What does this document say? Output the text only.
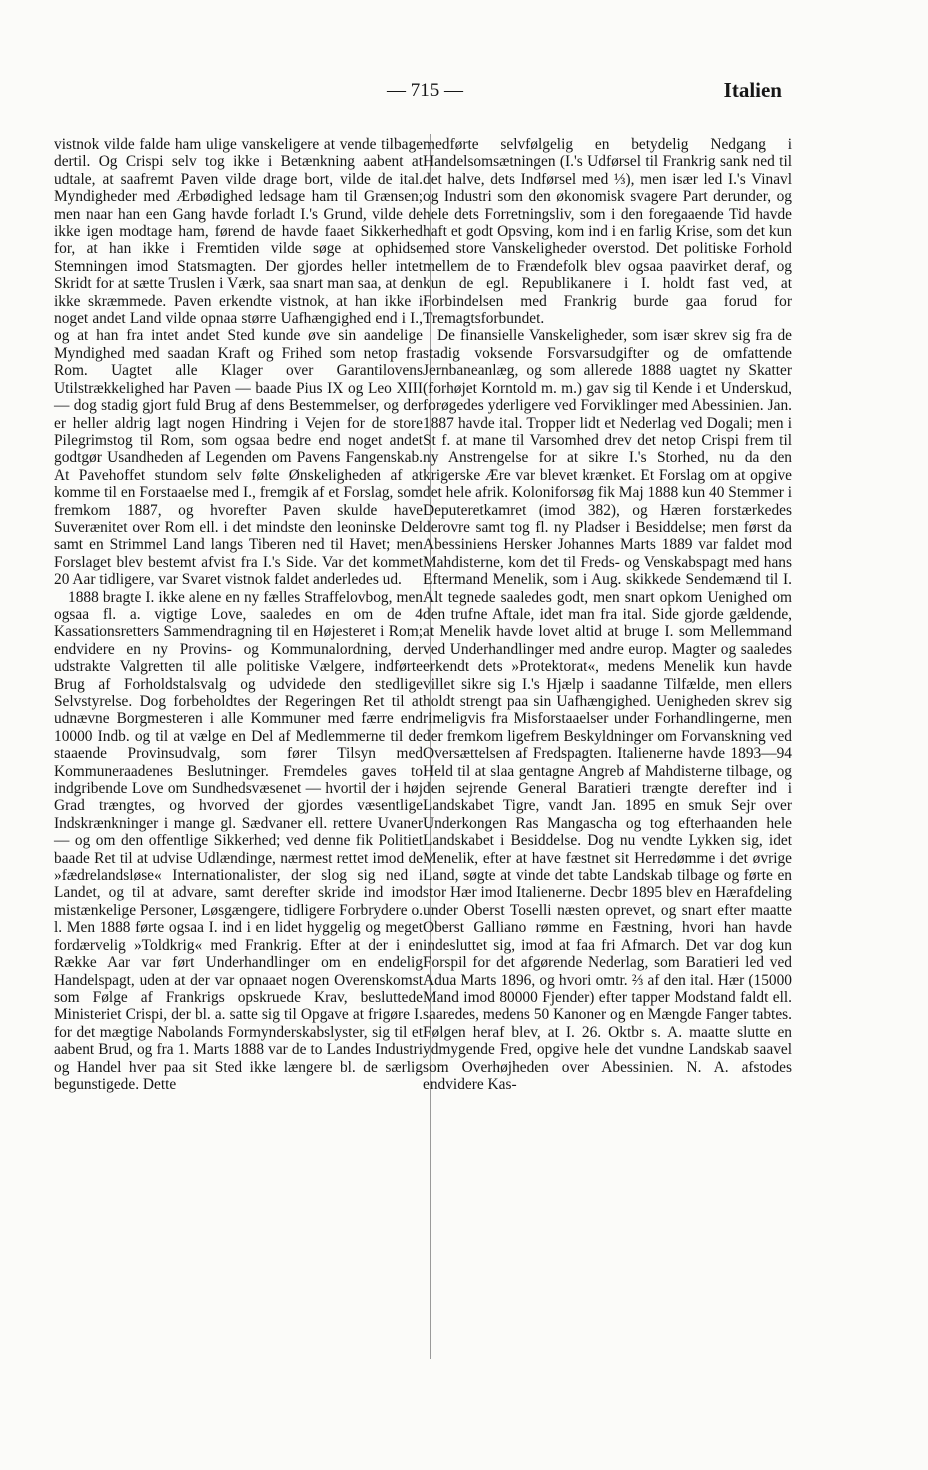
— 715 —	Italien

vistnok vilde falde ham ulige vanskeligere at vende tilbage dertil. Og Crispi selv tog ikke i Betænkning aabent at udtale, at saafremt Paven vilde drage bort, vilde de ital. Myndigheder med Ærbødighed ledsage ham til Grænsen; men naar han een Gang havde forladt I.'s Grund, vilde de ikke igen modtage ham, førend de havde faaet Sikkerhed for, at han ikke i Fremtiden vilde søge at ophidse Stemningen imod Statsmagten. Der gjordes heller intet Skridt for at sætte Truslen i Værk, saa snart man saa, at den ikke skræmmede. Paven erkendte vistnok, at han ikke i noget andet Land vilde opnaa større Uafhængighed end i I., og at han fra intet andet Sted kunde øve sin aandelige Myndighed med saadan Kraft og Frihed som netop fra Rom. Uagtet alle Klager over Garantilovens Utilstrækkelighed har Paven — baade Pius IX og Leo XIII — dog stadig gjort fuld Brug af dens Bestemmelser, og der er heller aldrig lagt nogen Hindring i Vejen for de store Pilegrimstog til Rom, som ogsaa bedre end noget andet godtgør Usandheden af Legenden om Pavens Fangenskab. At Pavehoffet stundom selv følte Ønskeligheden af at komme til en Forstaaelse med I., fremgik af et Forslag, som fremkom 1887, og hvorefter Paven skulde have Suverænitet over Rom ell. i det mindste den leoninske Del samt en Strimmel Land langs Tiberen ned til Havet; men Forslaget blev bestemt afvist fra I.'s Side. Var det kommet 20 Aar tidligere, var Svaret vistnok faldet anderledes ud.

1888 bragte I. ikke alene en ny fælles Straffelovbog, men ogsaa fl. a. vigtige Love, saaledes en om de 4 Kassationsretters Sammendragning til en Højesteret i Rom; endvidere en ny Provins- og Kommunalordning, der udstrakte Valgretten til alle politiske Vælgere, indførte Brug af Forholdstalsvalg og udvidede den stedlige Selvstyrelse. Dog forbeholdtes der Regeringen Ret til at udnævne Borgmesteren i alle Kommuner med færre end 10000 Indb. og til at vælge en Del af Medlemmerne til de staaende Provinsudvalg, som fører Tilsyn med Kommuneraadenes Beslutninger. Fremdeles gaves to indgribende Love om Sundhedsvæsenet — hvortil der i høj Grad trængtes, og hvorved der gjordes væsentlige Indskrænkninger i mange gl. Sædvaner ell. rettere Uvaner — og om den offentlige Sikkerhed; ved denne fik Politiet baade Ret til at udvise Udlændinge, nærmest rettet imod de »fædrelandsløse« Internationalister, der slog sig ned i Landet, og til at advare, samt derefter skride ind imod mistænkelige Personer, Løsgængere, tidligere Forbrydere o. l. Men 1888 førte ogsaa I. ind i en lidet hyggelig og meget fordærvelig »Toldkrig« med Frankrig. Efter at der i en Række Aar var ført Underhandlinger om en endelig Handelspagt, uden at der var opnaaet nogen Overenskomst som Følge af Frankrigs opskruede Krav, besluttede Ministeriet Crispi, der bl. a. satte sig til Opgave at frigøre I. for det mægtige Nabolands Formynderskabslyster, sig til et aabent Brud, og fra 1. Marts 1888 var de to Landes Industri og Handel hver paa sit Sted ikke længere bl. de særlig begunstigede. Dette

medførte selvfølgelig en betydelig Nedgang i Handelsomsætningen (I.'s Udførsel til Frankrig sank ned til det halve, dets Indførsel med ⅓), men især led I.'s Vinavl og Industri som den økonomisk svagere Part derunder, og hele dets Forretningsliv, som i den foregaaende Tid havde haft et godt Opsving, kom ind i en farlig Krise, som det kun med store Vanskeligheder overstod. Det politiske Forhold mellem de to Frændefolk blev ogsaa paavirket deraf, og kun de egl. Republikanere i I. holdt fast ved, at Forbindelsen med Frankrig burde gaa forud for Tremagtsforbundet.

De finansielle Vanskeligheder, som især skrev sig fra de stadig voksende Forsvarsudgifter og de omfattende Jernbaneanlæg, og som allerede 1888 uagtet ny Skatter (forhøjet Korntold m. m.) gav sig til Kende i et Underskud, forøgedes yderligere ved Forviklinger med Abessinien. Jan. 1887 havde ital. Tropper lidt et Nederlag ved Dogali; men i St f. at mane til Varsomhed drev det netop Crispi frem til ny Anstrengelse for at sikre I.'s Storhed, nu da den krigerske Ære var blevet krænket. Et Forslag om at opgive det hele afrik. Koloniforsøg fik Maj 1888 kun 40 Stemmer i Deputeretkamret (imod 382), og Hæren forstærkedes derovre samt tog fl. ny Pladser i Besiddelse; men først da Abessiniens Hersker Johannes Marts 1889 var faldet mod Mahdisterne, kom det til Freds- og Venskabspagt med hans Eftermand Menelik, som i Aug. skikkede Sendemænd til I. Alt tegnede saaledes godt, men snart opkom Uenighed om den trufne Aftale, idet man fra ital. Side gjorde gældende, at Menelik havde lovet altid at bruge I. som Mellemmand ved Underhandlinger med andre europ. Magter og saaledes erkendt dets »Protektorat«, medens Menelik kun havde villet sikre sig I.'s Hjælp i saadanne Tilfælde, men ellers holdt strengt paa sin Uafhængighed. Uenigheden skrev sig rimeligvis fra Misforstaaelser under Forhandlingerne, men der fremkom ligefrem Beskyldninger om Forvanskning ved Oversættelsen af Fredspagten. Italienerne havde 1893—94 Held til at slaa gentagne Angreb af Mahdisterne tilbage, og den sejrende General Baratieri trængte derefter ind i Landskabet Tigre, vandt Jan. 1895 en smuk Sejr over Underkongen Ras Mangascha og tog efterhaanden hele Landskabet i Besiddelse. Dog nu vendte Lykken sig, idet Menelik, efter at have fæstnet sit Herredømme i det øvrige Land, søgte at vinde det tabte Landskab tilbage og førte en stor Hær imod Italienerne. Decbr 1895 blev en Hærafdeling under Oberst Toselli næsten oprevet, og snart efter maatte Oberst Galliano rømme en Fæstning, hvori han havde indesluttet sig, imod at faa fri Afmarch. Det var dog kun Forspil for det afgørende Nederlag, som Baratieri led ved Adua Marts 1896, og hvori omtr. ⅔ af den ital. Hær (15000 Mand imod 80000 Fjender) efter tapper Modstand faldt ell. saaredes, medens 50 Kanoner og en Mængde Fanger tabtes. Følgen heraf blev, at I. 26. Oktbr s. A. maatte slutte en ydmygende Fred, opgive hele det vundne Landskab saavel som Overhøjheden over Abessinien. N. A. afstodes endvidere Kas-
